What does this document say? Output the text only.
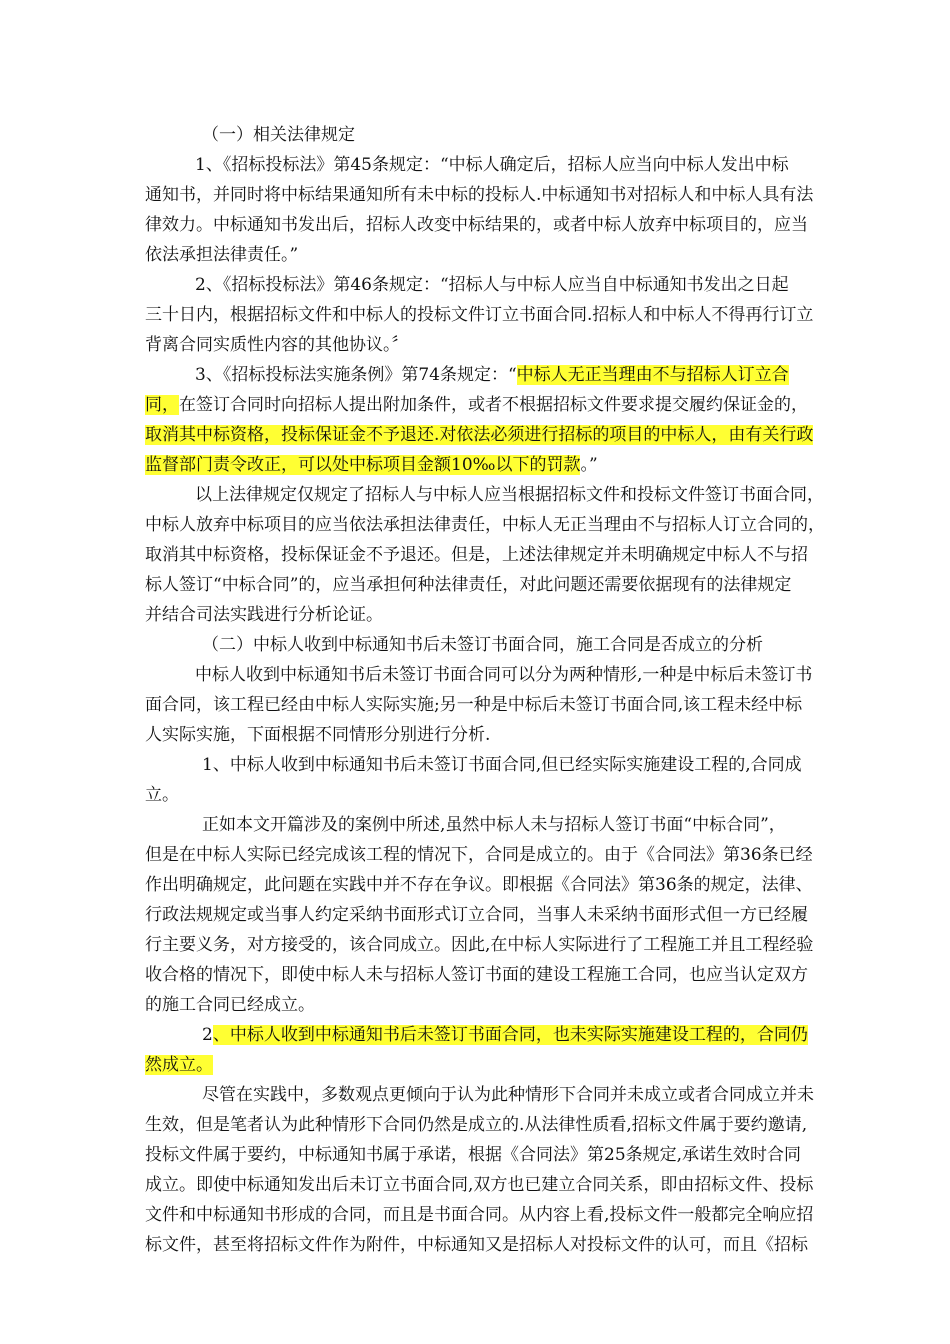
（一）相关法律规定
1、《招标投标法》第45条规定：“中标人确定后，招标人应当向中标人发出中标
通知书，并同时将中标结果通知所有未中标的投标人.中标通知书对招标人和中标人具有法
律效力。中标通知书发出后，招标人改变中标结果的，或者中标人放弃中标项目的，应当
依法承担法律责任。”
2、《招标投标法》第46条规定：“招标人与中标人应当自中标通知书发出之日起
三十日内，根据招标文件和中标人的投标文件订立书面合同.招标人和中标人不得再行订立
背离合同实质性内容的其他协议。〞
3、《招标投标法实施条例》第74条规定：“中标人无正当理由不与招标人订立合
同，在签订合同时向招标人提出附加条件，或者不根据招标文件要求提交履约保证金的，
取消其中标资格，投标保证金不予退还.对依法必须进行招标的项目的中标人，由有关行政
监督部门责令改正，可以处中标项目金额10‰以下的罚款。”
以上法律规定仅规定了招标人与中标人应当根据招标文件和投标文件签订书面合同，
中标人放弃中标项目的应当依法承担法律责任，中标人无正当理由不与招标人订立合同的，
取消其中标资格，投标保证金不予退还。但是，上述法律规定并未明确规定中标人不与招
标人签订“中标合同”的，应当承担何种法律责任，对此问题还需要依据现有的法律规定
并结合司法实践进行分析论证。
（二）中标人收到中标通知书后未签订书面合同，施工合同是否成立的分析
中标人收到中标通知书后未签订书面合同可以分为两种情形,一种是中标后未签订书
面合同，该工程已经由中标人实际实施;另一种是中标后未签订书面合同,该工程未经中标
人实际实施，下面根据不同情形分别进行分析.
1、中标人收到中标通知书后未签订书面合同,但已经实际实施建设工程的,合同成
立。
正如本文开篇涉及的案例中所述,虽然中标人未与招标人签订书面“中标合同”，
但是在中标人实际已经完成该工程的情况下，合同是成立的。由于《合同法》第36条已经
作出明确规定，此问题在实践中并不存在争议。即根据《合同法》第36条的规定，法律、
行政法规规定或当事人约定采纳书面形式订立合同，当事人未采纳书面形式但一方已经履
行主要义务，对方接受的，该合同成立。因此,在中标人实际进行了工程施工并且工程经验
收合格的情况下，即使中标人未与招标人签订书面的建设工程施工合同，也应当认定双方
的施工合同已经成立。
2、中标人收到中标通知书后未签订书面合同，也未实际实施建设工程的，合同仍
然成立。
尽管在实践中，多数观点更倾向于认为此种情形下合同并未成立或者合同成立并未
生效，但是笔者认为此种情形下合同仍然是成立的.从法律性质看,招标文件属于要约邀请,
投标文件属于要约，中标通知书属于承诺，根据《合同法》第25条规定,承诺生效时合同
成立。即使中标通知发出后未订立书面合同,双方也已建立合同关系，即由招标文件、投标
文件和中标通知书形成的合同，而且是书面合同。从内容上看,投标文件一般都完全响应招
标文件，甚至将招标文件作为附件，中标通知又是招标人对投标文件的认可，而且《招标
